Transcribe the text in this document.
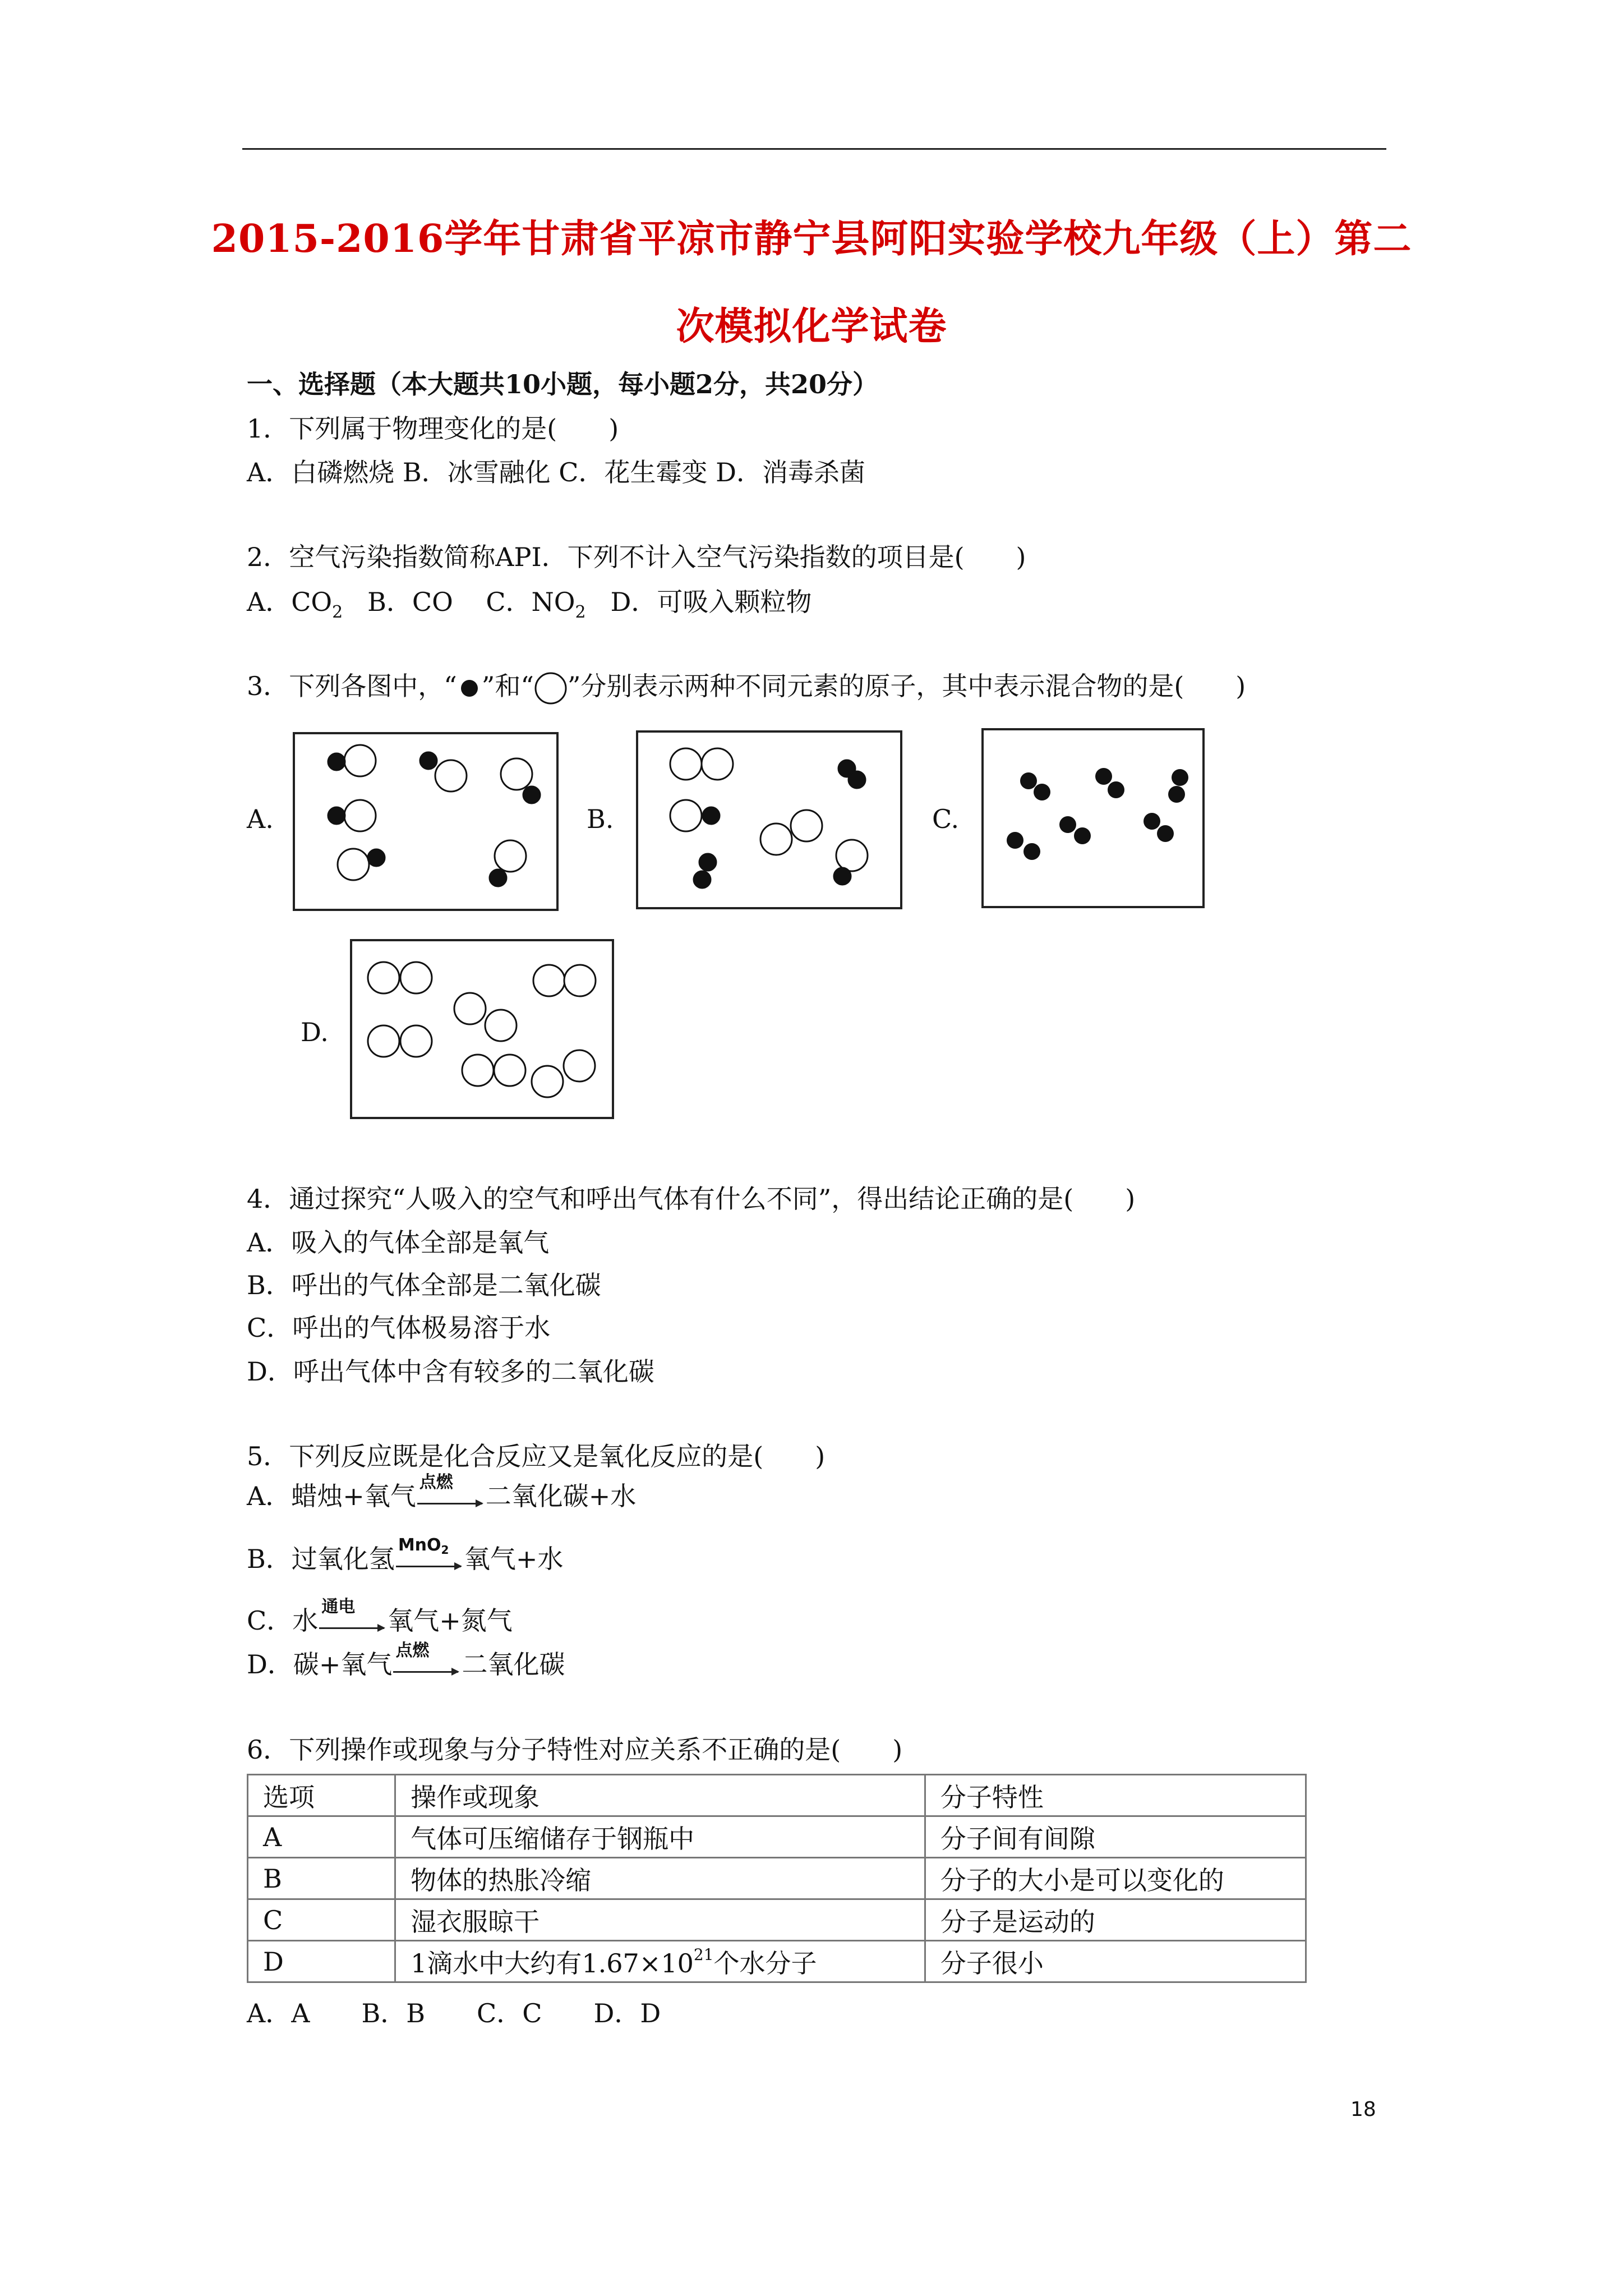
2015-2016学年甘肃省平凉市静宁县阿阳实验学校九年级（上）第二
次模拟化学试卷
一、选择题（本大题共10小题，每小题2分，共20分）
1．下列属于物理变化的是(　　)
A．白磷燃烧 B．冰雪融化 C．花生霉变 D．消毒杀菌
2．空气污染指数简称API．下列不计入空气污染指数的项目是(　　)
A．$CO_2$ B．CO C．$NO_2$ D．可吸入颗粒物
3．下列各图中，“ ”和“ ”分别表示两种不同元素的原子，其中表示混合物的是(　　)
A.	B.	C.
D.
4．通过探究“人吸入的空气和呼出气体有什么不同”，得出结论正确的是(　　)
A．吸入的气体全部是氧气
B．呼出的气体全部是二氧化碳
C．呼出的气体极易溶于水
D．呼出气体中含有较多的二氧化碳
5．下列反应既是化合反应又是氧化反应的是(　　)
A．蜡烛+氧气 点燃 二氧化碳+水
B．过氧化氢 MnO$_2$ 氧气+水
C．水 通电 氧气+氮气
D．碳+氧气 点燃 二氧化碳
6．下列操作或现象与分子特性对应关系不正确的是(　　)
选项	操作或现象	分子特性
A	气体可压缩储存于钢瓶中	分子间有间隙
B	物体的热胀冷缩	分子的大小是可以变化的
C	湿衣服晾干	分子是运动的
D	1滴水中大约有$1.67\times 10^{21}$个水分子	分子很小
A．A　　B．B　　C．C　　D．D
18
